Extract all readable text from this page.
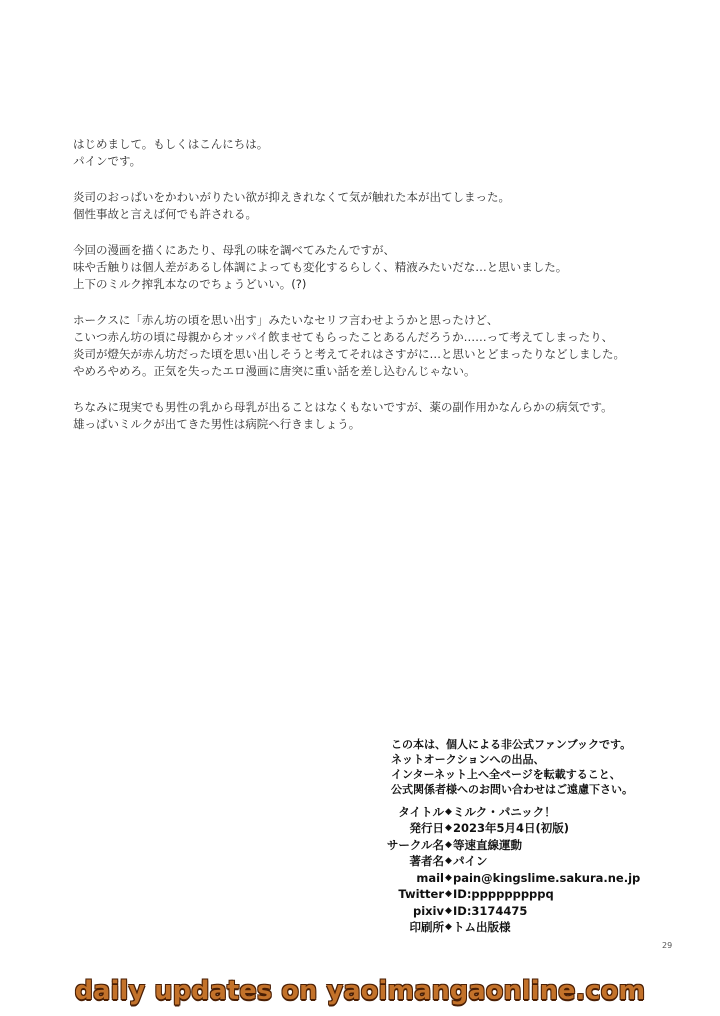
はじめまして。もしくはこんにちは。
パインです。
炎司のおっぱいをかわいがりたい欲が抑えきれなくて気が触れた本が出てしまった。
個性事故と言えば何でも許される。
今回の漫画を描くにあたり、母乳の味を調べてみたんですが、
味や舌触りは個人差があるし体調によっても変化するらしく、精液みたいだな…と思いました。
上下のミルク搾乳本なのでちょうどいい。(?)
ホークスに「赤ん坊の頃を思い出す」みたいなセリフ言わせようかと思ったけど、
こいつ赤ん坊の頃に母親からオッパイ飲ませてもらったことあるんだろうか……って考えてしまったり、
炎司が燈矢が赤ん坊だった頃を思い出しそうと考えてそれはさすがに…と思いとどまったりなどしました。
やめろやめろ。正気を失ったエロ漫画に唐突に重い話を差し込むんじゃない。
ちなみに現実でも男性の乳から母乳が出ることはなくもないですが、薬の副作用かなんらかの病気です。
雄っぱいミルクが出てきた男性は病院へ行きましょう。
この本は、個人による非公式ファンブックです。
ネットオークションへの出品、
インターネット上へ全ページを転載すること、
公式関係者様へのお問い合わせはご遠慮下さい。
タイトル ◆ ミルク・パニック！
発行日 ◆ 2023年5月4日(初版)
サークル名 ◆ 等速直線運動
著者名 ◆ パイン
mail ◆ pain@kingslime.sakura.ne.jp
Twitter ◆ ID:pppppppppq
pixiv ◆ ID:3174475
印刷所 ◆ トム出版様
29
daily updates on yaoimangaonline.com
